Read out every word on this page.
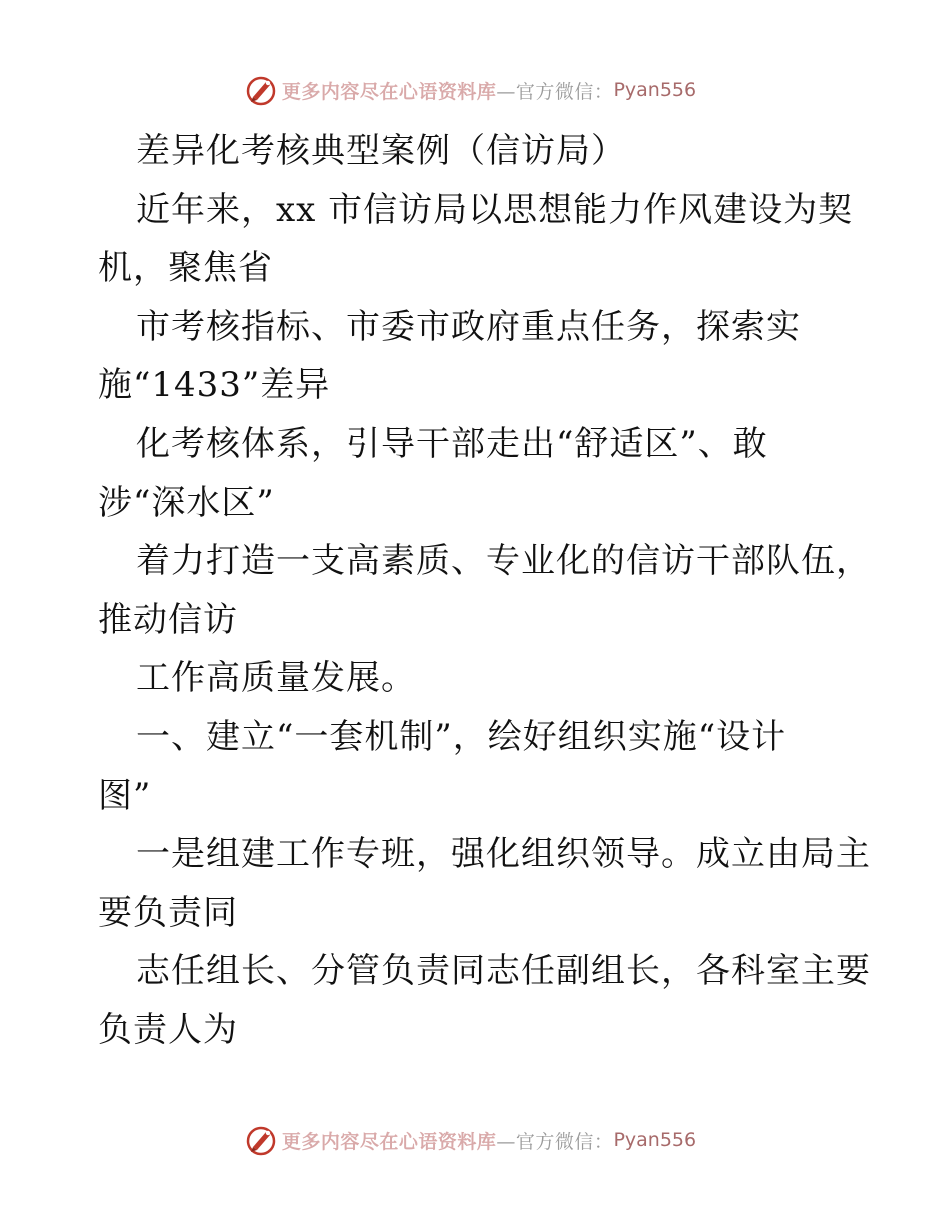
更多内容尽在心语资料库 —官方微信： Pyan556
差异化考核典型案例（信访局）
近年来，xx 市信访局以思想能力作风建设为契
机，聚焦省
市考核指标、市委市政府重点任务，探索实
施“1433”差异
化考核体系，引导干部走出“舒适区”、敢
涉“深水区”
着力打造一支高素质、专业化的信访干部队伍，
推动信访
工作高质量发展。
一、建立“一套机制”，绘好组织实施“设计
图”
一是组建工作专班，强化组织领导。成立由局主
要负责同
志任组长、分管负责同志任副组长，各科室主要
负责人为
更多内容尽在心语资料库 —官方微信： Pyan556
